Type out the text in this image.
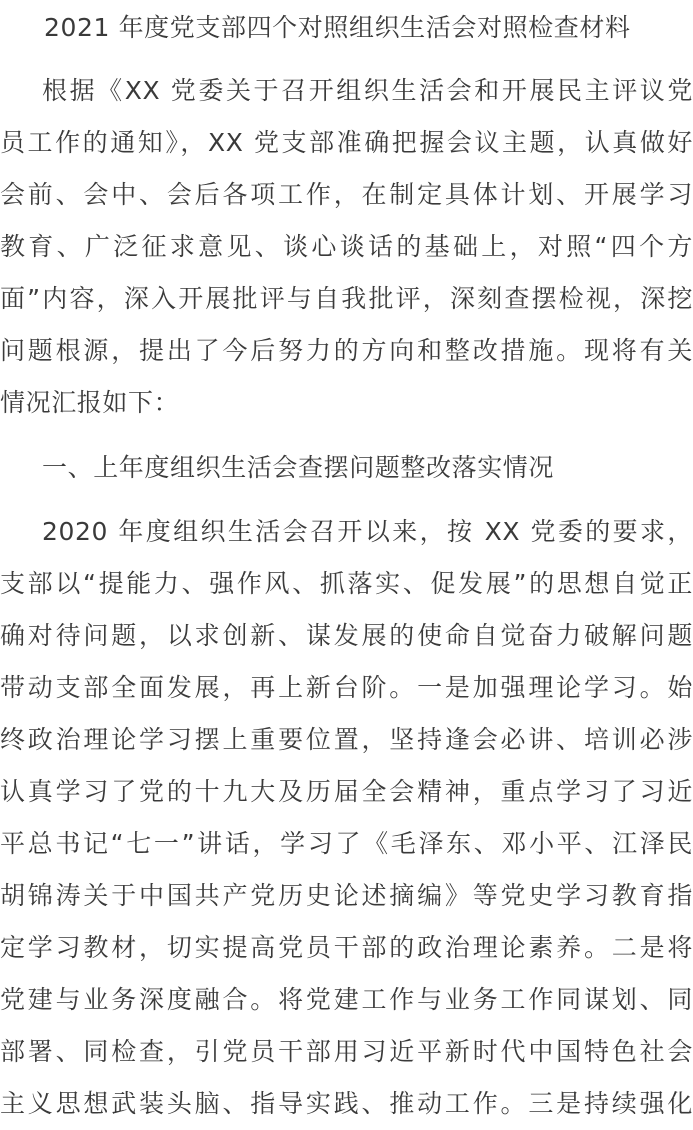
2021 年度党支部四个对照组织生活会对照检查材料
根据《XX 党委关于召开组织生活会和开展民主评议党
员工作的通知》，XX 党支部准确把握会议主题，认真做好
会前、会中、会后各项工作，在制定具体计划、开展学习
教育、广泛征求意见、谈心谈话的基础上，对照“四个方
面”内容，深入开展批评与自我批评，深刻查摆检视，深挖
问题根源，提出了今后努力的方向和整改措施。现将有关
情况汇报如下：
一、上年度组织生活会查摆问题整改落实情况
2020 年度组织生活会召开以来，按 XX 党委的要求，
支部以“提能力、强作风、抓落实、促发展”的思想自觉正
确对待问题，以求创新、谋发展的使命自觉奋力破解问题
带动支部全面发展，再上新台阶。一是加强理论学习。始
终政治理论学习摆上重要位置，坚持逢会必讲、培训必涉
认真学习了党的十九大及历届全会精神，重点学习了习近
平总书记“七一”讲话，学习了《毛泽东、邓小平、江泽民
胡锦涛关于中国共产党历史论述摘编》等党史学习教育指
定学习教材，切实提高党员干部的政治理论素养。二是将
党建与业务深度融合。将党建工作与业务工作同谋划、同
部署、同检查，引党员干部用习近平新时代中国特色社会
主义思想武装头脑、指导实践、推动工作。三是持续强化
